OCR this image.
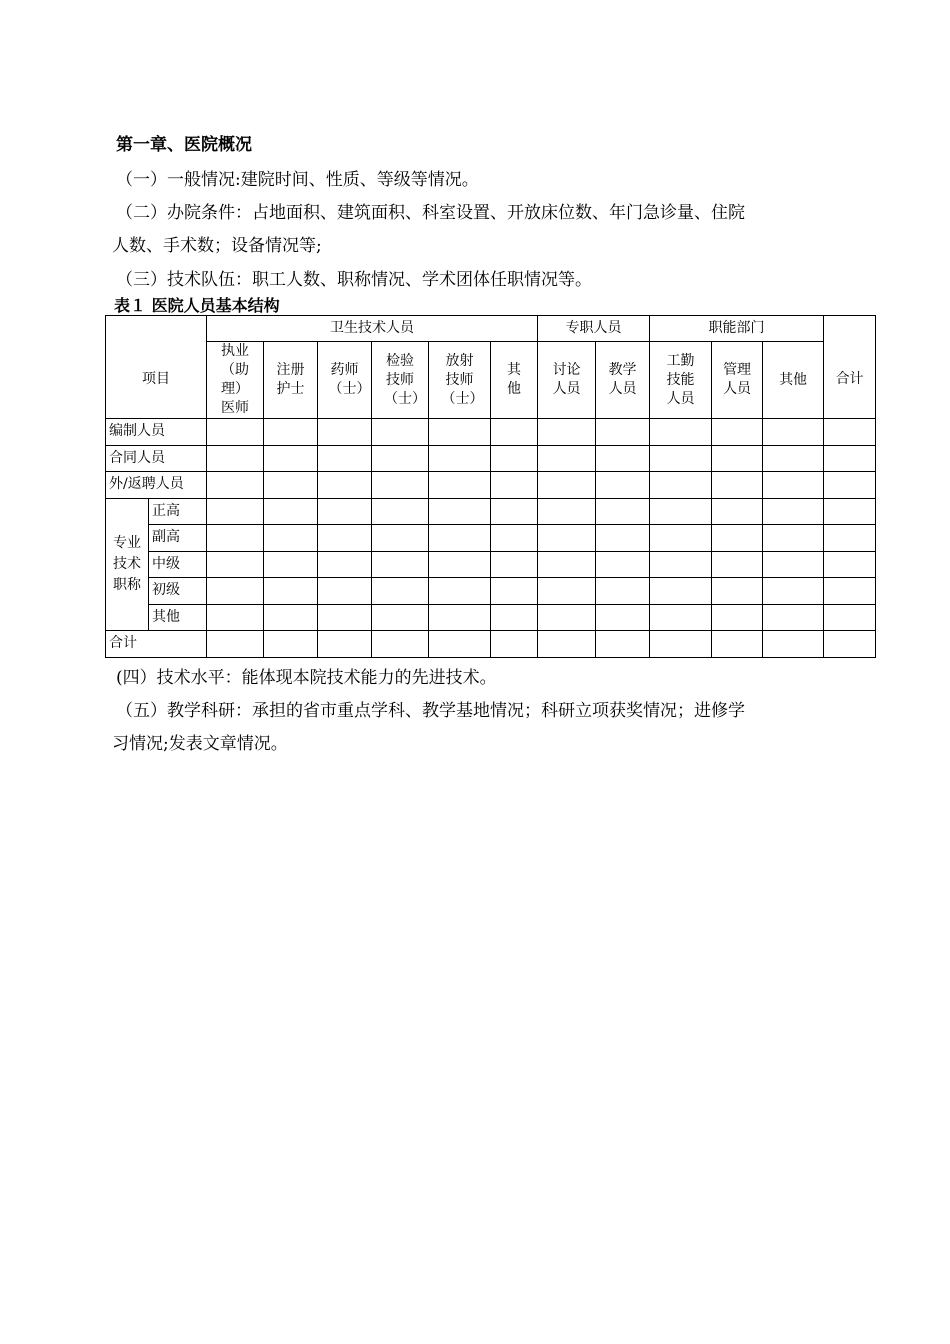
第一章、医院概况
（一）一般情况:建院时间、性质、等级等情况。
（二）办院条件：占地面积、建筑面积、科室设置、开放床位数、年门急诊量、住院
人数、手术数；设备情况等;
（三）技术队伍：职工人数、职称情况、学术团体任职情况等。
表１ 医院人员基本结构
		卫生技术人员						专职人员		职能部门			
项目		执业（助理）医师	注册护士	药师（士）	检验技师（士）	放射技师（士）	其他	讨论人员	教学人员	工勤技能人员	管理人员	其他	合计
编制人员													
合同人员													
外/返聘人员													

专业技术职称	正高												
	副高												
	中级												
	初级												
	其他												
合计													
(四）技术水平：能体现本院技术能力的先进技术。
（五）教学科研：承担的省市重点学科、教学基地情况；科研立项获奖情况；进修学
习情况;发表文章情况。
